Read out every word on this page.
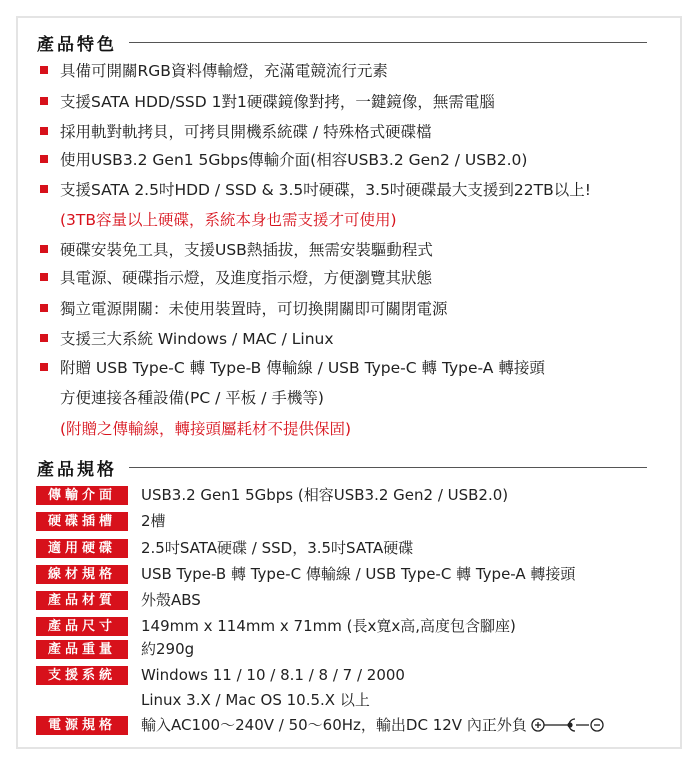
產品特色
具備可開關RGB資料傳輸燈，充滿電競流行元素
支援SATA HDD/SSD 1對1硬碟鏡像對拷，一鍵鏡像，無需電腦
採用軌對軌拷貝，可拷貝開機系統碟 / 特殊格式硬碟檔
使用USB3.2 Gen1 5Gbps傳輸介面(相容USB3.2 Gen2 / USB2.0)
支援SATA 2.5吋HDD / SSD & 3.5吋硬碟，3.5吋硬碟最大支援到22TB以上!
(3TB容量以上硬碟，系統本身也需支援才可使用)
硬碟安裝免工具，支援USB熱插拔，無需安裝驅動程式
具電源、硬碟指示燈，及進度指示燈，方便瀏覽其狀態
獨立電源開關：未使用裝置時，可切換開關即可關閉電源
支援三大系統 Windows / MAC / Linux
附贈 USB Type-C 轉 Type-B 傳輸線 / USB Type-C 轉 Type-A 轉接頭
方便連接各種設備(PC / 平板 / 手機等)
(附贈之傳輸線，轉接頭屬耗材不提供保固)
產品規格
傳輸介面	USB3.2 Gen1 5Gbps (相容USB3.2 Gen2 / USB2.0)
硬碟插槽	2槽
適用硬碟	2.5吋SATA硬碟 / SSD，3.5吋SATA硬碟
線材規格	USB Type-B 轉 Type-C 傳輸線 / USB Type-C 轉 Type-A 轉接頭
產品材質	外殼ABS
產品尺寸	149mm x 114mm x 71mm (長x寬x高,高度包含腳座)
產品重量	約290g
支援系統	Windows 11 / 10 / 8.1 / 8 / 7 / 2000
Linux 3.X / Mac OS 10.5.X 以上
電源規格	輸入AC100～240V / 50～60Hz，輸出DC 12V 內正外負
